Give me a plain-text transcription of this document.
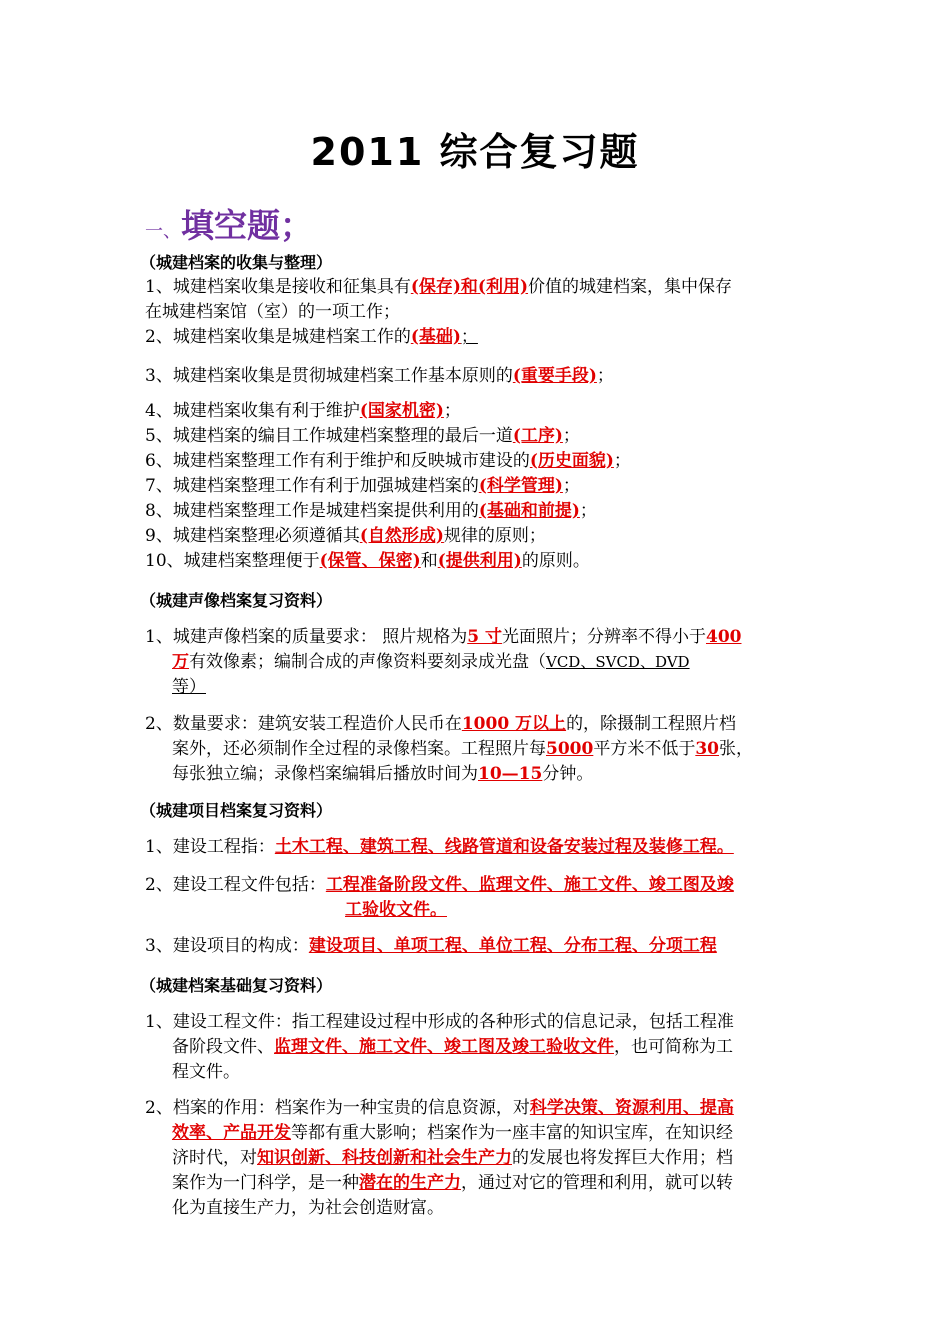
2011 综合复习题
一、填空题；
（城建档案的收集与整理）
1、城建档案收集是接收和征集具有(保存)和(利用)价值的城建档案，集中保存
在城建档案馆（室）的一项工作；
2、城建档案收集是城建档案工作的(基础)；
3、城建档案收集是贯彻城建档案工作基本原则的(重要手段)；
4、城建档案收集有利于维护(国家机密)；
5、城建档案的编目工作城建档案整理的最后一道(工序)；
6、城建档案整理工作有利于维护和反映城市建设的(历史面貌)；
7、城建档案整理工作有利于加强城建档案的(科学管理)；
8、城建档案整理工作是城建档案提供利用的(基础和前提)；
9、城建档案整理必须遵循其(自然形成)规律的原则；
10、城建档案整理便于(保管、保密)和(提供利用)的原则。
（城建声像档案复习资料）
1、城建声像档案的质量要求： 照片规格为5 寸光面照片；分辨率不得小于400
万有效像素；编制合成的声像资料要刻录成光盘（VCD、SVCD、DVD
等）
2、数量要求：建筑安装工程造价人民币在1000 万以上的，除摄制工程照片档
案外，还必须制作全过程的录像档案。工程照片每5000平方米不低于30张，
每张独立编；录像档案编辑后播放时间为10—15分钟。
（城建项目档案复习资料）
1、建设工程指：土木工程、建筑工程、线路管道和设备安装过程及装修工程。
2、建设工程文件包括：工程准备阶段文件、监理文件、施工文件、竣工图及竣
工验收文件。
3、建设项目的构成：建设项目、单项工程、单位工程、分布工程、分项工程
（城建档案基础复习资料）
1、建设工程文件：指工程建设过程中形成的各种形式的信息记录，包括工程准
备阶段文件、监理文件、施工文件、竣工图及竣工验收文件，也可简称为工
程文件。
2、档案的作用：档案作为一种宝贵的信息资源，对科学决策、资源利用、提高
效率、产品开发等都有重大影响；档案作为一座丰富的知识宝库，在知识经
济时代，对知识创新、科技创新和社会生产力的发展也将发挥巨大作用；档
案作为一门科学，是一种潜在的生产力，通过对它的管理和利用，就可以转
化为直接生产力，为社会创造财富。
